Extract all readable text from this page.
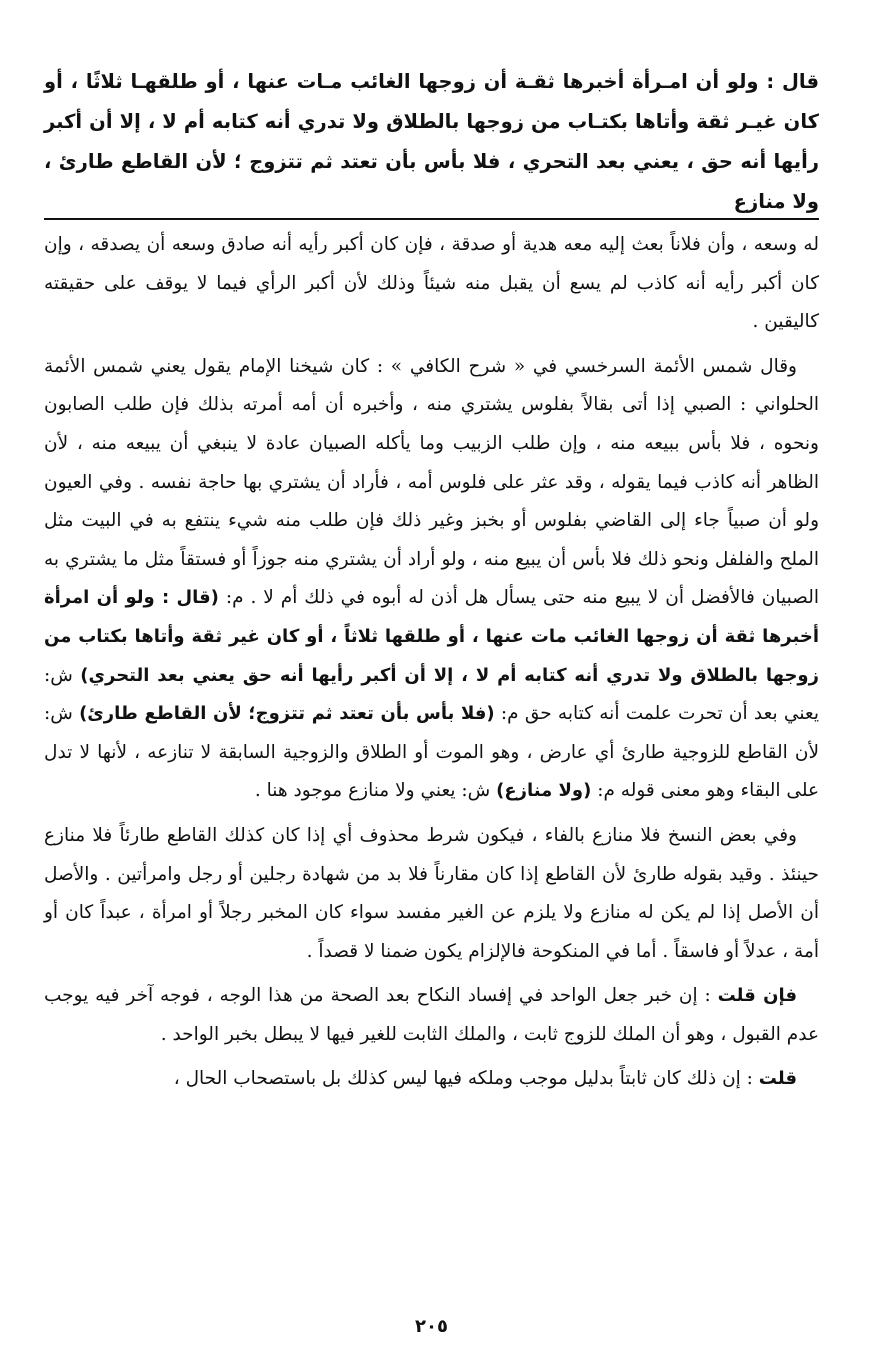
قال : ولو أن امـرأة أخبرها ثقـة أن زوجها الغائب مـات عنها ، أو طلقهـا ثلاثًا ، أو كان غيـر ثقة وأتاها بكتـاب من زوجها بالطلاق ولا تدري أنه كتابه أم لا ، إلا أن أكبر رأيها أنه حق ، يعني بعد التحري ، فلا بأس بأن تعتد ثم تتزوج ؛ لأن القاطع طارئ ، ولا منازع

له وسعه ، وأن فلاناً بعث إليه معه هدية أو صدقة ، فإن كان أكبر رأيه أنه صادق وسعه أن يصدقه ، وإن كان أكبر رأيه أنه كاذب لم يسع أن يقبل منه شيئاً وذلك لأن أكبر الرأي فيما لا يوقف على حقيقته كاليقين .

وقال شمس الأئمة السرخسي في « شرح الكافي » : كان شيخنا الإمام يقول يعني شمس الأئمة الحلواني : الصبي إذا أتى بقالاً بفلوس يشتري منه ، وأخبره أن أمه أمرته بذلك فإن طلب الصابون ونحوه ، فلا بأس ببيعه منه ، وإن طلب الزبيب وما يأكله الصبيان عادة لا ينبغي أن يبيعه منه ، لأن الظاهر أنه كاذب فيما يقوله ، وقد عثر على فلوس أمه ، فأراد أن يشتري بها حاجة نفسه . وفي العيون ولو أن صبياً جاء إلى القاضي بفلوس أو بخبز وغير ذلك فإن طلب منه شيء ينتفع به في البيت مثل الملح والفلفل ونحو ذلك فلا بأس أن يبيع منه ، ولو أراد أن يشتري منه جوزاً أو فستقاً مثل ما يشتري به الصبيان فالأفضل أن لا يبيع منه حتى يسأل هل أذن له أبوه في ذلك أم لا . م: (قال : ولو أن امرأة أخبرها ثقة أن زوجها الغائب مات عنها ، أو طلقها ثلاثاً ، أو كان غير ثقة وأتاها بكتاب من زوجها بالطلاق ولا تدري أنه كتابه أم لا ، إلا أن أكبر رأيها أنه حق يعني بعد التحري) ش: يعني بعد أن تحرت علمت أنه كتابه حق م: (فلا بأس بأن تعتد ثم تتزوج؛ لأن القاطع طارئ) ش: لأن القاطع للزوجية طارئ أي عارض ، وهو الموت أو الطلاق والزوجية السابقة لا تنازعه ، لأنها لا تدل على البقاء وهو معنى قوله م: (ولا منازع) ش: يعني ولا منازع موجود هنا .

وفي بعض النسخ فلا منازع بالفاء ، فيكون شرط محذوف أي إذا كان كذلك القاطع طارئاً فلا منازع حينئذ . وقيد بقوله طارئ لأن القاطع إذا كان مقارناً فلا بد من شهادة رجلين أو رجل وامرأتين . والأصل أن الأصل إذا لم يكن له منازع ولا يلزم عن الغير مفسد سواء كان المخبر رجلاً أو امرأة ، عبداً كان أو أمة ، عدلاً أو فاسقاً . أما في المنكوحة فالإلزام يكون ضمنا لا قصداً .

فإن قلت : إن خبر جعل الواحد في إفساد النكاح بعد الصحة من هذا الوجه ، فوجه آخر فيه يوجب عدم القبول ، وهو أن الملك للزوج ثابت ، والملك الثابت للغير فيها لا يبطل بخبر الواحد .

قلت : إن ذلك كان ثابتاً بدليل موجب وملكه فيها ليس كذلك بل باستصحاب الحال ،

٢٠٥
